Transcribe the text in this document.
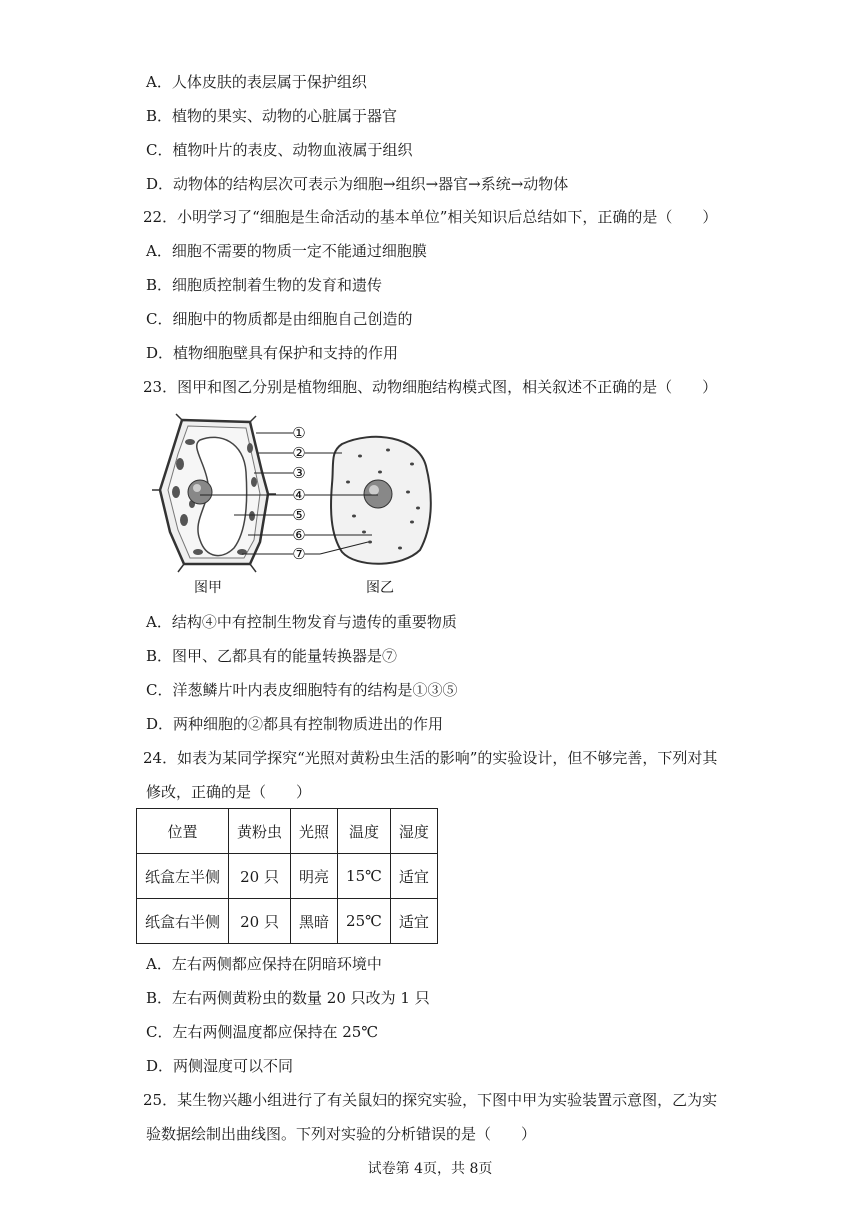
A．人体皮肤的表层属于保护组织
B．植物的果实、动物的心脏属于器官
C．植物叶片的表皮、动物血液属于组织
D．动物体的结构层次可表示为细胞→组织→器官→系统→动物体
22．小明学习了“细胞是生命活动的基本单位”相关知识后总结如下，正确的是（　　）
A．细胞不需要的物质一定不能通过细胞膜
B．细胞质控制着生物的发育和遗传
C．细胞中的物质都是由细胞自己创造的
D．植物细胞壁具有保护和支持的作用
23．图甲和图乙分别是植物细胞、动物细胞结构模式图，相关叙述不正确的是（　　）
①
②
③
④
⑤
⑥
⑦
图甲	图乙
A．结构④中有控制生物发育与遗传的重要物质
B．图甲、乙都具有的能量转换器是⑦
C．洋葱鳞片叶内表皮细胞特有的结构是①③⑤
D．两种细胞的②都具有控制物质进出的作用
24．如表为某同学探究“光照对黄粉虫生活的影响”的实验设计，但不够完善，下列对其
修改，正确的是（　　）
位置	黄粉虫	光照	温度	湿度
纸盒左半侧	20 只	明亮	15℃	适宜
纸盒右半侧	20 只	黑暗	25℃	适宜
A．左右两侧都应保持在阴暗环境中
B．左右两侧黄粉虫的数量 20 只改为 1 只
C．左右两侧温度都应保持在 25℃
D．两侧湿度可以不同
25．某生物兴趣小组进行了有关鼠妇的探究实验，下图中甲为实验装置示意图，乙为实
验数据绘制出曲线图。下列对实验的分析错误的是（　　）
试卷第 4页，共 8页
